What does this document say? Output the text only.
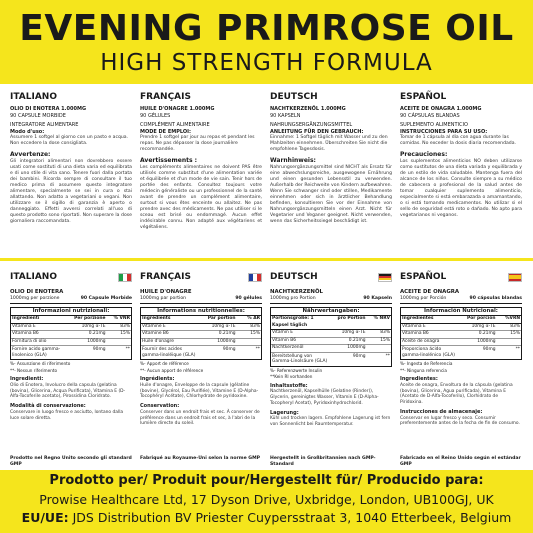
EVENING PRIMROSE OIL
HIGH STRENGTH FORMULA
ITALIANO
OLIO DI ENOTERA 1.000MG
90 CAPSULE MORBIDE
INTEGRATORE ALIMENTARE
Modo d'uso:
Assumere 1 softgel al giorno con un pasto e acqua. Non eccedere la dose consigliata.
Avvertenze:
Gli integratori alimentari non dovrebbero essere usati come sostituti di una dieta varia ed equilibrata e di uno stile di vita sano. Tenere fuori dalla portata dei bambini. Ricorda sempre di consultare il tuo medico prima di assumere questo integratore alimentare, specialmente se sei in cura o stai allattando. Non adatto a vegetariani o vegani. Non utilizzare se il sigillo di garanzia è aperto o danneggiato. Effetti avversi correlati all'uso di questo prodotto sono riportati. Non superare la dose giornaliera raccomandata.
FRANÇAIS
HUILE D'ONAGRE 1.000MG
90 GÉLULES
COMPLÉMENT ALIMENTAIRE
MODE DE EMPLOI:
Prendre 1 softgel par jour au repas et pendant les repas. Ne pas dépasser la dose journalière recommandée.
Avertissements :
Les compléments alimentaires ne doivent PAS être utilisés comme substitut d'une alimentation variée et équilibrée et d'un mode de vie sain. Tenir hors de portée des enfants. Consultez toujours votre médecin généraliste ou un professionnel de la santé avant de prendre un complément alimentaire, surtout si vous êtes enceinte ou allaitez. Ne pas prendre avec des médicaments. Ne pas utiliser si le sceau est brisé ou endommagé. Aucun effet indésirable connu. Non adapté aux végétariens et végétaliens.
DEUTSCH
NACHTKERZENÖL 1.000MG
90 KAPSELN
NAHRUNGSERGÄNZUNGSMITTEL
ANLEITUNG FÜR DEN GEBRAUCH:
Einnahme: 1 Softgel täglich mit Wasser und zu den Mahlzeiten einnehmen. Überschreiten Sie nicht die empfohlene Tagesdosis.
Warnhinweis:
Nahrungsergänzungsmittel sind NICHT als Ersatz für eine abwechslungsreiche, ausgewogene Ernährung und einen gesunden Lebensstil zu verwenden. Außerhalb der Reichweite von Kindern aufbewahren. Wenn Sie schwanger sind oder stillen, Medikamente einnehmen oder sich in ärztlicher Behandlung befinden, konsultieren Sie vor der Einnahme von Nahrungsergänzungsmitteln einen Arzt. Nicht für Vegetarier und Veganer geeignet. Nicht verwenden, wenn das Sicherheitssiegel beschädigt ist.
ESPAÑOL
ACEITE DE ONAGRA 1.000MG
90 CÁPSULAS BLANDAS
SUPLEMENTO ALIMENTICIO
INSTRUCCIONES PARA SU USO:
Tomar de 1 cápsula al día con agua durante las comidas. No exceder la dosis diaria recomendada.
Precauciones:
Los suplementos alimenticios NO deben utilizarse como sustitutos de una dieta variada y equilibrada y de un estilo de vida saludable. Mantenga fuera del alcance de los niños. Consulte siempre a su médico de cabecera o profesional de la salud antes de tomar cualquier suplemento alimenticio, especialmente si está embarazada o amamantando, o si está tomando medicamentos. No utilizar si el sello de seguridad está roto o dañado. No apto para vegetarianos ni veganos.
ITALIANO
OLIO DI ENOTERA
1000mg per porzione	90 Capsule Morbide
Informazioni nutrizionali:
Ingredienti	Per porzione	% VNR
Vitamina E	10mg α-TE	83%
Vitamina B6	0.21mg	15%
Fornitura di olio	1000mg
Fornire acido gamma-linolenico (GLA)
90mg	**
%- Assunzione di riferimento
**- Nessun riferimento
Ingredienti:
Olio di Enotera, Involucro della capsula (gelatina (bovina), Glicerina, Acqua Purificata), Vitamina E (D-Alfa-Tocoferile acetato), Pirossidina Cloridrato.
Modalità di conservazione:
Conservare in luogo fresco e asciutto, lontano dalla luce solare diretta.
Prodotto nel Regno Unito secondo gli standard GMP
FRANÇAIS
HUILE D'ONAGRE
1000mg par portion	90 gélules
Informations nutritionnelles:
Ingrédients	Par portion	% AR
Vitamine E	10mg α-TE	83%
Vitamine B6	0.21mg	15%
Huile d'onagre	1000mg
Fournir des acides gamma-linoléique (GLA)
90mg	**
%- Apport de référence
**- Aucun apport de référence
Ingrédients:
Huile d'onagre, Enveloppe de la capsule (gélatine (bovine), Glycérol, Eau Purifiée), Vitamine E (D-Alpha-Tocophéryl Acétate), Chlorhydrate de pyridoxine.
Conservation:
Conserver dans un endroit frais et sec. À conserver de préférence dans un endroit frais et sec, à l'abri de la lumière directe du soleil.
Fabriqué au Royaume-Uni selon la norme GMP
DEUTSCH
NACHTKERZENÖL
1000mg pro Portion	90 Kapseln
Nährwertangaben:
Portionsgröße: 1 Kapsel täglich
pro Portion	% NRV
Vitamin E	10mg α-TE	83%
Vitamin B6	0.21mg	15%
Nachtkerzenöl	1000mg
Bereitstellung von Gamma-Linolsäure (GLA)
90mg	**
%- Referenzwerte Insulin
**Kein RI vorhanden
Inhaltsstoffe:
Nachtkerzenöl, Kapselhülle (Gelatine (Rinder)), Glycerin, gereinigtes Wasser, Vitamin E (D-Alpha-Tocopheryl Acetat), Pyridoxinhydrochlorid.
Lagerung:
Kühl und trocken lagern. Empfohlene Lagerung ist fern von Sonnenlicht bei Raumtemperatur.
Hergestellt in Großbritannien nach GMP-Standard
ESPAÑOL
ACEITE DE ONAGRA
1000mg por Porción	90 cápsulas blandas
Información Nutricional:
Ingredientes	Por porción	%VRN
Vitamina E	10mg α-TE	83%
Vitamina B6	0.21mg	15%
Aceite de onagra	1000mg
Proporciona ácido gamma-linolénico (GLA)
90mg	**
%- Ingesta de Referencia
**- Ninguna referencia
Ingredientes:
Aceite de onagra, Envoltura de la cápsula (gelatina (bovina), Glicerina, Agua purificada), Vitamina E (Acetato de D-Alfa-Tocoferilo), Clorhidrato de Piridoxina.
Instrucciones de almacenaje:
Conservar en lugar fresco y seco. Consumir preferentemente antes de la fecha de fin de consumo.
Fabricado en el Reino Unido según el estándar GMP
Prodotto per/ Produit pour/Hergestellt für/ Producido para:
Prowise Healthcare Ltd, 17 Dyson Drive, Uxbridge, London, UB100GJ, UK
EU/UE: JDS Distribution BV Priester Cuypersstraat 3, 1040 Etterbeek, Belgium
